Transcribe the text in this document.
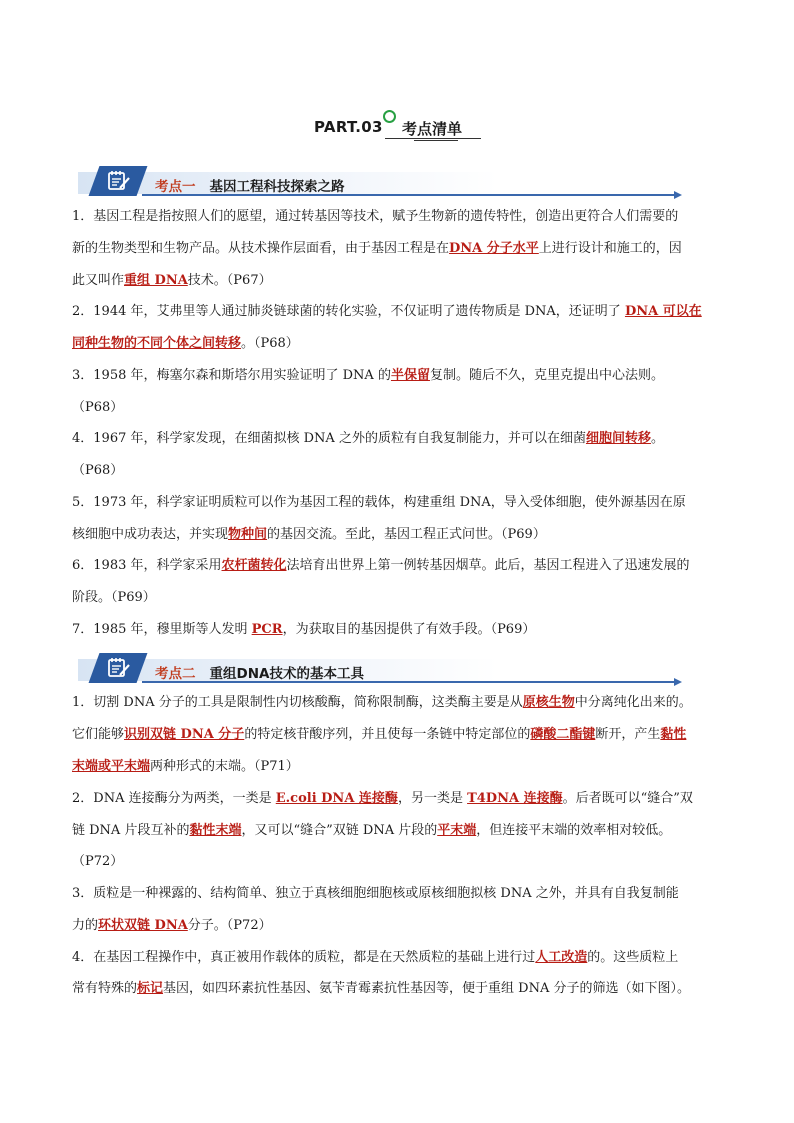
PART.03 考点清单
考点一 基因工程科技探索之路
考点二 重组DNA技术的基本工具
1．基因工程是指按照人们的愿望，通过转基因等技术，赋予生物新的遗传特性，创造出更符合人们需要的
新的生物类型和生物产品。从技术操作层面看，由于基因工程是在DNA 分子水平上进行设计和施工的，因
此又叫作重组 DNA技术。（P67）
2．1944 年，艾弗里等人通过肺炎链球菌的转化实验，不仅证明了遗传物质是 DNA，还证明了 DNA 可以在
同种生物的不同个体之间转移。（P68）
3．1958 年，梅塞尔森和斯塔尔用实验证明了 DNA 的半保留复制。随后不久，克里克提出中心法则。
（P68）
4．1967 年，科学家发现，在细菌拟核 DNA 之外的质粒有自我复制能力，并可以在细菌细胞间转移。
（P68）
5．1973 年，科学家证明质粒可以作为基因工程的载体，构建重组 DNA，导入受体细胞，使外源基因在原
核细胞中成功表达，并实现物种间的基因交流。至此，基因工程正式问世。（P69）
6．1983 年，科学家采用农杆菌转化法培育出世界上第一例转基因烟草。此后，基因工程进入了迅速发展的
阶段。（P69）
7．1985 年，穆里斯等人发明 PCR，为获取目的基因提供了有效手段。（P69）
1．切割 DNA 分子的工具是限制性内切核酸酶，简称限制酶，这类酶主要是从原核生物中分离纯化出来的。
它们能够识别双链 DNA 分子的特定核苷酸序列，并且使每一条链中特定部位的磷酸二酯键断开，产生黏性
末端或平末端两种形式的末端。（P71）
2．DNA 连接酶分为两类，一类是 E.coli DNA 连接酶，另一类是 T4DNA 连接酶。后者既可以“缝合”双
链 DNA 片段互补的黏性末端，又可以“缝合”双链 DNA 片段的平末端，但连接平末端的效率相对较低。
（P72）
3．质粒是一种裸露的、结构简单、独立于真核细胞细胞核或原核细胞拟核 DNA 之外，并具有自我复制能
力的环状双链 DNA分子。（P72）
4．在基因工程操作中，真正被用作载体的质粒，都是在天然质粒的基础上进行过人工改造的。这些质粒上
常有特殊的标记基因，如四环素抗性基因、氨苄青霉素抗性基因等，便于重组 DNA 分子的筛选（如下图）。
